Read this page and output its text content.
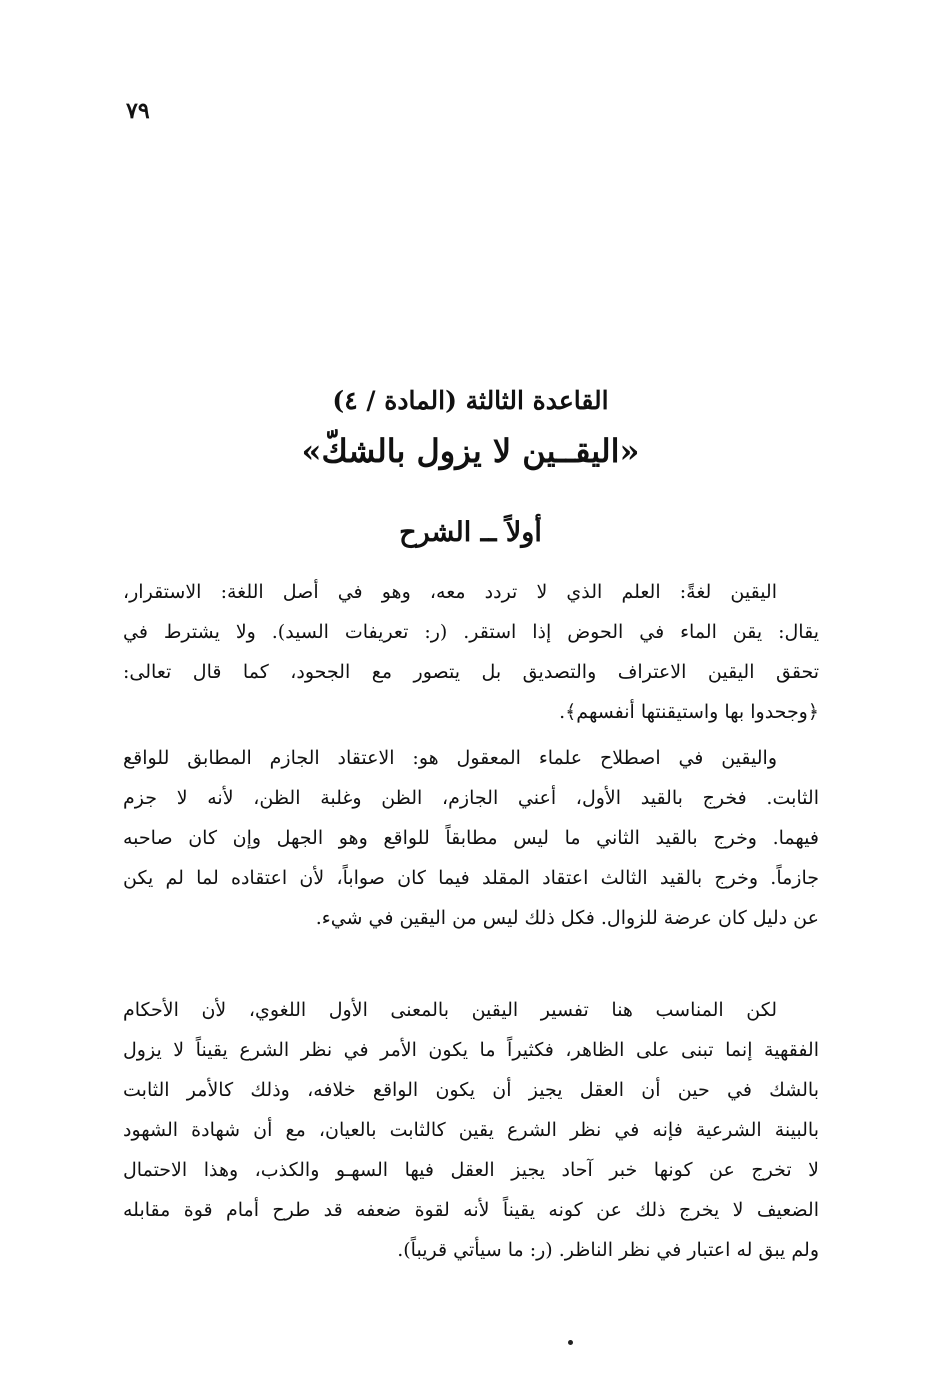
٧٩
القاعدة الثالثة (المادة / ٤)
«اليقــين لا يزول بالشكّ»
أولاً ــ الشرح
اليقين لغةً: العلم الذي لا تردد معه، وهو في أصل اللغة: الاستقرار،
يقال: يقن الماء في الحوض إذا استقر. (ر: تعريفات السيد). ولا يشترط في
تحقق اليقين الاعتراف والتصديق بل يتصور مع الجحود، كما قال تعالى:
﴿وجحدوا بها واستيقنتها أنفسهم﴾.
واليقين في اصطلاح علماء المعقول هو: الاعتقاد الجازم المطابق للواقع
الثابت. فخرج بالقيد الأول، أعني الجازم، الظن وغلبة الظن، لأنه لا جزم
فيهما. وخرج بالقيد الثاني ما ليس مطابقاً للواقع وهو الجهل وإن كان صاحبه
جازماً. وخرج بالقيد الثالث اعتقاد المقلد فيما كان صواباً، لأن اعتقاده لما لم يكن
عن دليل كان عرضة للزوال. فكل ذلك ليس من اليقين في شيء.
لكن المناسب هنا تفسير اليقين بالمعنى الأول اللغوي، لأن الأحكام
الفقهية إنما تبنى على الظاهر، فكثيراً ما يكون الأمر في نظر الشرع يقيناً لا يزول
بالشك في حين أن العقل يجيز أن يكون الواقع خلافه، وذلك كالأمر الثابت
بالبينة الشرعية فإنه في نظر الشرع يقين كالثابت بالعيان، مع أن شهادة الشهود
لا تخرج عن كونها خبر آحاد يجيز العقل فيها السهـو والكذب، وهذا الاحتمال
الضعيف لا يخرج ذلك عن كونه يقيناً لأنه لقوة ضعفه قد طرح أمام قوة مقابله
ولم يبق له اعتبار في نظر الناظر. (ر: ما سيأتي قريباً).
